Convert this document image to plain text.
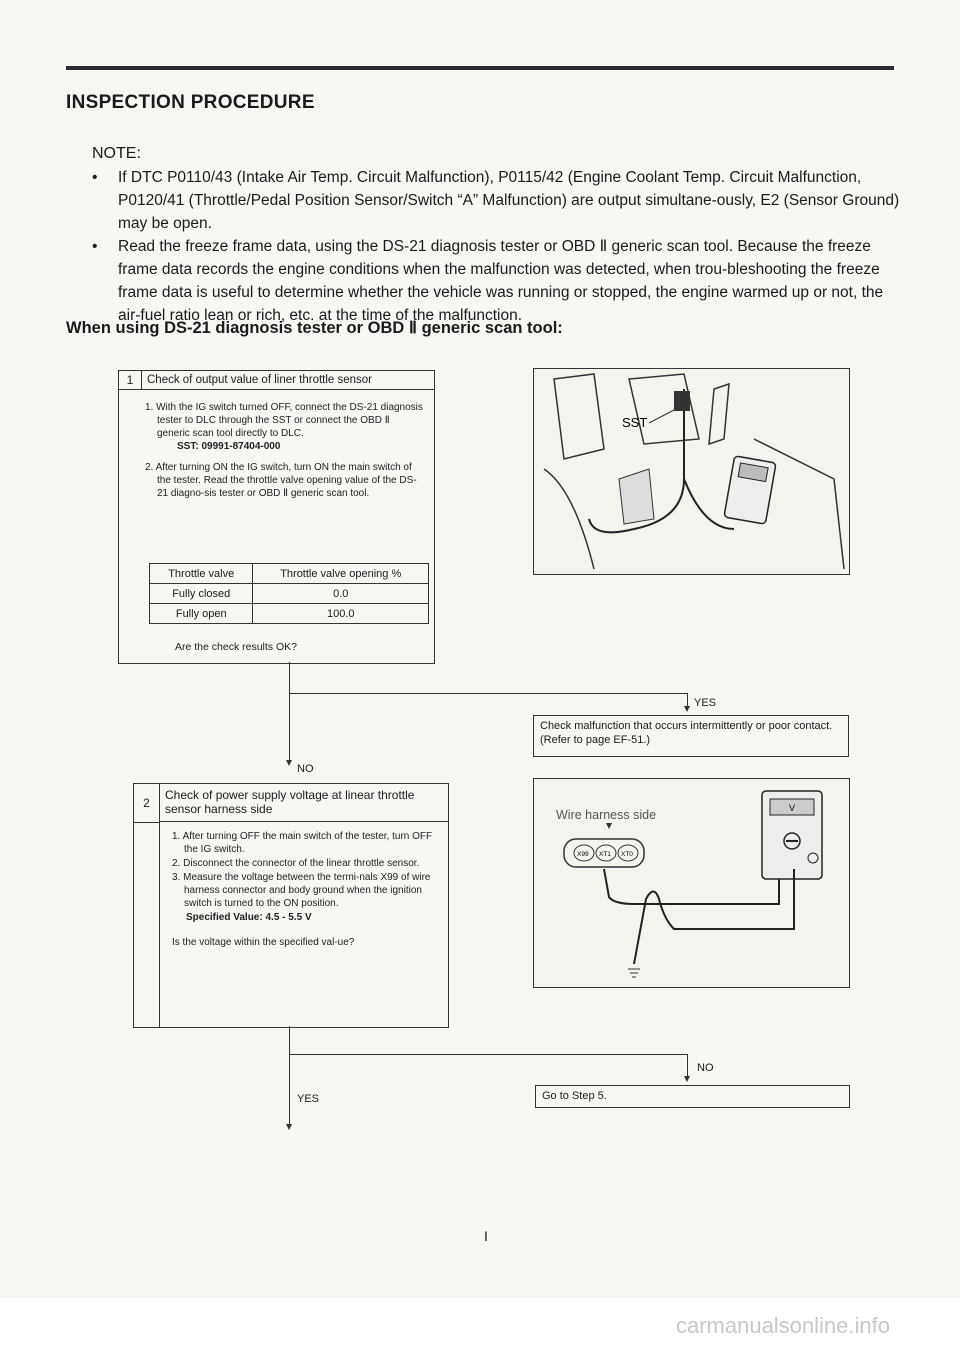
INSPECTION PROCEDURE
NOTE:
• If DTC P0110/43 (Intake Air Temp. Circuit Malfunction), P0115/42 (Engine Coolant Temp. Circuit Malfunction, P0120/41 (Throttle/Pedal Position Sensor/Switch “A” Malfunction) are output simultane-ously, E2 (Sensor Ground) may be open.
• Read the freeze frame data, using the DS-21 diagnosis tester or OBD Ⅱ generic scan tool. Because the freeze frame data records the engine conditions when the malfunction was detected, when trou-bleshooting the freeze frame data is useful to determine whether the vehicle was running or stopped, the engine warmed up or not, the air-fuel ratio lean or rich, etc. at the time of the malfunction.
When using DS-21 diagnosis tester or OBD Ⅱ generic scan tool:
1	Check of output value of liner throttle sensor

1. With the IG switch turned OFF, connect the DS-21 diagnosis tester to DLC through the SST or connect the OBD Ⅱ generic scan tool directly to DLC.
SST: 09991-87404-000

2. After turning ON the IG switch, turn ON the main switch of the tester. Read the throttle valve opening value of the DS-21 diagno-sis tester or OBD Ⅱ generic scan tool.

Throttle valve	Throttle valve opening %
Fully closed	0.0
Fully open	100.0
Are the check results OK?
SST
YES
Check malfunction that occurs intermittently or poor contact. (Refer to page EF-51.)
NO
2
Check of power supply voltage at linear throttle sensor harness side

1. After turning OFF the main switch of the tester, turn OFF the IG switch.

2. Disconnect the connector of the linear throttle sensor.

3. Measure the voltage between the termi-nals X99 of wire harness connector and body ground when the ignition switch is turned to the ON position.

Specified Value: 4.5 - 5.5 V

Is the voltage within the specified val-ue?

Wire harness side
X99 XT1 XT0
V
NO
Go to Step 5.
YES
I
carmanualsonline.info
